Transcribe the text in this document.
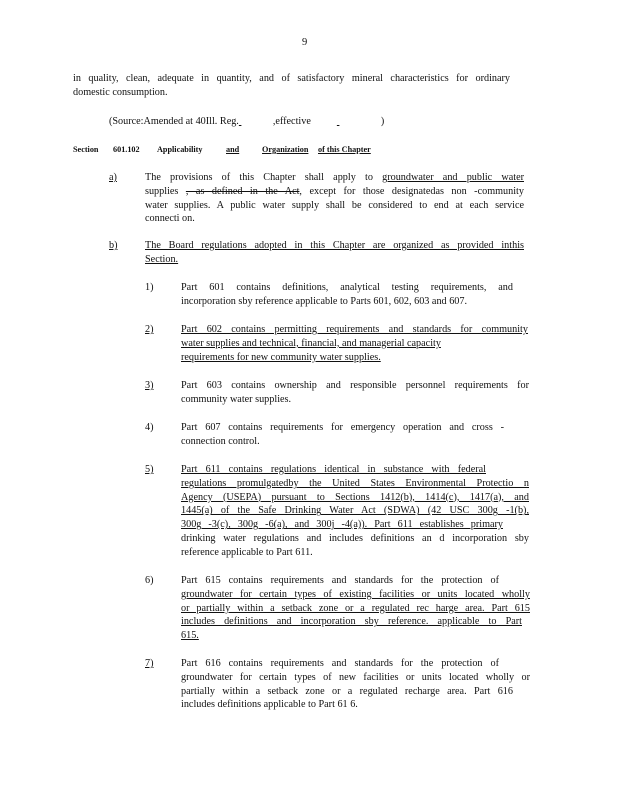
9
in quality, clean, adequate in quantity, and of satisfactory mineral characteristics for ordinary
domestic consumption.
(Source:Amended at 40Ill. Reg.	,effective	)
Section 601.102 Applicability	and	Organization of this Chapter
a)	The provisions of this Chapter shall apply to groundwater and public water
supplies , as defined in the Act, except for those designatedas non -community
water supplies. A public water supply shall be considered to end at each service
connecti on.
b)	The Board regulations adopted in this Chapter are organized as provided inthis
Section.
1)	Part 601 contains definitions, analytical testing requirements, and
incorporation sby reference applicable to Parts 601, 602, 603 and 607.
2)	Part 602 contains permitting requirements and standards for community
water supplies and technical, financial, and managerial capacity
requirements for new community water supplies.
3)	Part 603 contains ownership and responsible personnel requirements for
community water supplies.
4)	Part 607 contains requirements for emergency operation and cross -
connection control.
5)	Part 611 contains regulations identical in substance with federal
regulations promulgatedby the United States Environmental Protectio n
Agency (USEPA) pursuant to Sections 1412(b), 1414(c), 1417(a), and
1445(a) of the Safe Drinking Water Act (SDWA) (42 USC 300g -1(b),
300g -3(c), 300g -6(a), and 300j -4(a)). Part 611 establishes primary
drinking water regulations and includes definitions an d incorporation sby
reference applicable to Part 611.
6)	Part 615 contains requirements and standards for the protection of
groundwater for certain types of existing facilities or units located wholly
or partially within a setback zone or a regulated rec harge area. Part 615
includes definitions and incorporation sby reference. applicable to Part
615.
7)	Part 616 contains requirements and standards for the protection of
groundwater for certain types of new facilities or units located wholly or
partially within a setback zone or a regulated recharge area. Part 616
includes definitions applicable to Part 61 6.
